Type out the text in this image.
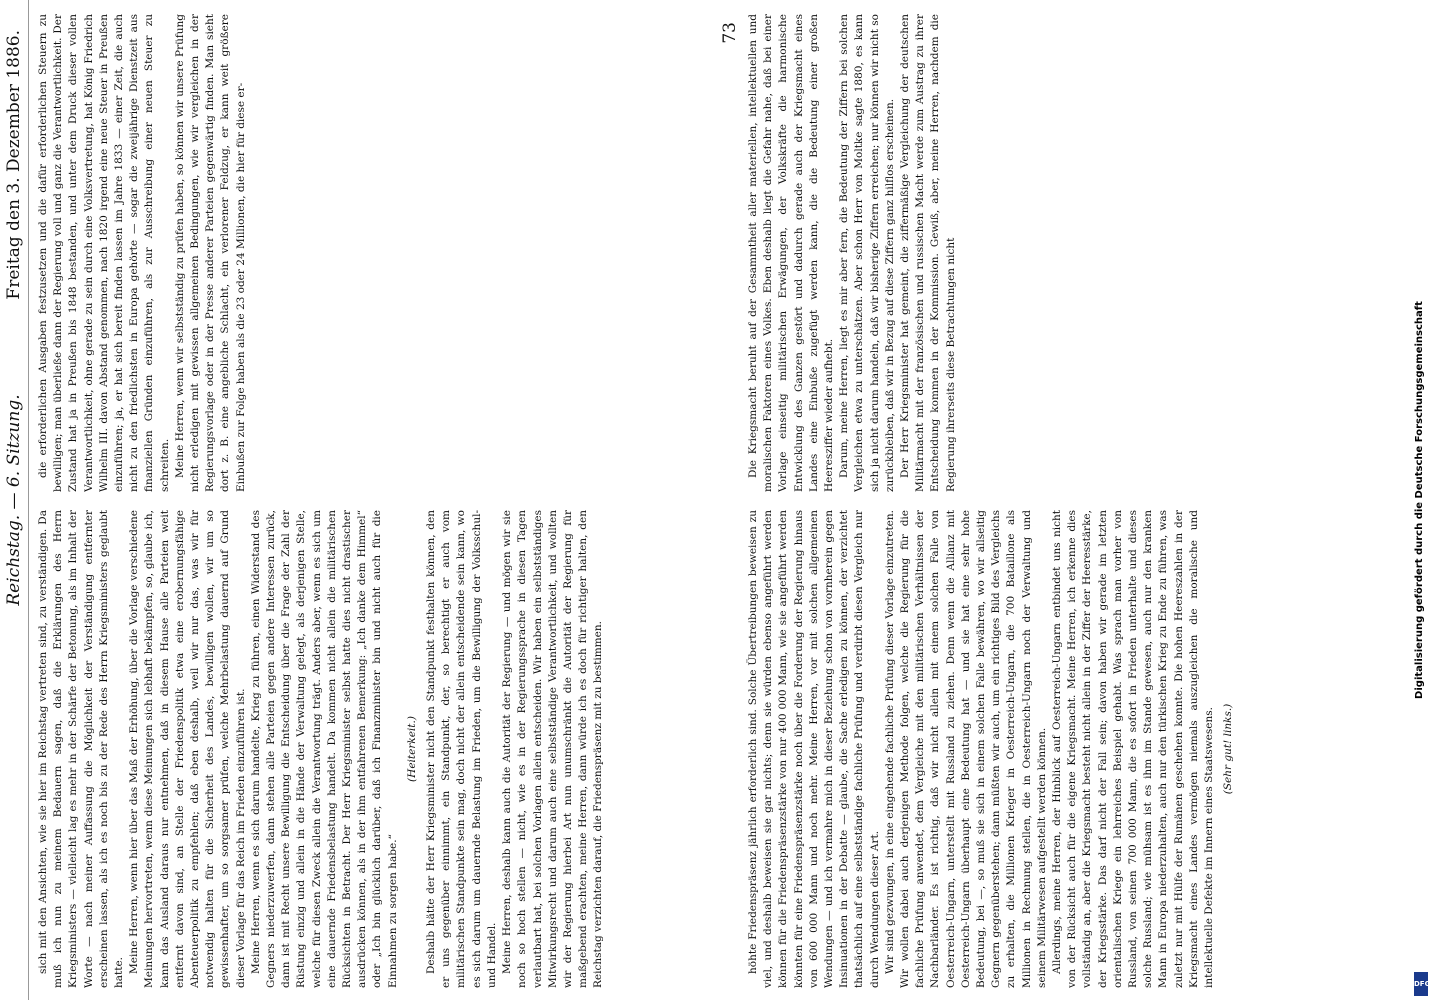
Reichstag. — 6. Sitzung.
Freitag den 3. Dezember 1886.

sich mit den Ansichten, wie sie hier im Reichstag vertreten sind, zu verständigen. Da muß ich nun zu meinem Bedauern sagen, daß die Erklärungen des Herrn Kriegsministers — vielleicht lag es mehr in der Schärfe der Betonung, als im Inhalt der Worte — nach meiner Auffassung die Möglichkeit der Verständigung entfernter erscheinen lassen, als ich es noch bis zu der Rede des Herrn Kriegsministers geglaubt hatte. Meine Herren, wenn hier über das Maß der Erhöhung, über die Vorlage verschiedene Meinungen hervortreten, wenn diese Meinungen sich lebhaft bekämpfen, so, glaube ich, kann das Ausland daraus nur entnehmen, daß in diesem Hause alle Parteien weit entfernt davon sind, an Stelle der Friedenspolitik etwa eine erobernungsfähige Abenteuerpolitik zu empfehlen; daß eben deshalb, weil wir nur das, was wir für notwendig halten für die Sicherheit des Landes, bewilligen wollen, wir um so gewissenhafter, um so sorgsamer prüfen, welche Mehrbelastung dauernd auf Grund dieser Vorlage für das Reich im Frieden einzuführen ist. Meine Herren, wenn es sich darum handelte, Krieg zu führen, einen Widerstand des Gegners niederzuwerfen, dann stehen alle Parteien gegen andere Interessen zurück, dann ist mit Recht unsere Bewilligung die Entscheidung über die Frage der Zahl der Rüstung einzig und allein in die Hände der Verwaltung gelegt, als derjenigen Stelle, welche für diesen Zweck allein die Verantwortung trägt. Anders aber, wenn es sich um eine dauernde Friedensbelastung handelt. Da kommen nicht allein die militärischen Rücksichten in Betracht. Der Herr Kriegsminister selbst hatte dies nicht drastischer ausdrücken können, als in der ihm entfahrenen Bemerkung: „Ich danke dem Himmel“ oder „Ich bin glücklich darüber, daß ich Finanzminister bin und nicht auch für die Einnahmen zu sorgen habe.“

(Heiterkeit.) Deshalb hätte der Herr Kriegsminister nicht den Standpunkt festhalten können, den er uns gegenüber einnimmt, ein Standpunkt, der, so berechtigt er auch vom militärischen Standpunkte sein mag, doch nicht der allein entscheidende sein kann, wo es sich darum um dauernde Belastung im Frieden, um die Bewilligung der Volksschul- und Handel. Meine Herren, deshalb kann auch die Autorität der Regierung — und mögen wir sie noch so hoch stellen — nicht, wie es in der Regierungssprache in diesen Tagen verlautbart hat, bei solchen Vorlagen allein entscheiden. Wir haben ein selbstständiges Mitwirkungsrecht und darum auch eine selbstständige Verantwortlichkeit, und wollten wir der Regierung hierbei Art nun unumschränkt die Autorität der Regierung für maßgebend erachten, meine Herren, dann würde ich es doch für richtiger halten, den Reichstag verzichten darauf, die Friedenspräsenz mit zu bestimmen.

die erforderlichen Ausgaben festzusetzen und die dafür erforderlichen Steuern zu bewilligen; man überließe dann der Regierung voll und ganz die Verantwortlichkeit. Der Zustand hat ja in Preußen bis 1848 bestanden, und unter dem Druck dieser vollen Verantwortlichkeit, ohne gerade zu sein durch eine Volksvertretung, hat König Friedrich Wilhelm III. davon Abstand genommen, nach 1820 irgend eine neue Steuer in Preußen einzuführen; ja, er hat sich bereit finden lassen im Jahre 1833 — einer Zeit, die auch nicht zu den friedlichsten in Europa gehörte — sogar die zweijährige Dienstzeit aus finanziellen Gründen einzuführen, als zur Ausschreibung einer neuen Steuer zu schreiten. Meine Herren, wenn wir selbstständig zu prüfen haben, so können wir unsere Prüfung nicht erledigen mit gewissen allgemeinen Bedingungen, wie wir vergleichen in der Regierungsvorlage oder in der Presse anderer Parteien gegenwärtig finden. Man sieht dort z. B. eine angebliche Schlacht, ein verlorener Feldzug, er kann weit größere Einbußen zur Folge haben als die 23 oder 24 Millionen, die hier für diese er-

73

höhte Friedenspräsenz jährlich erforderlich sind. Solche Übertreibungen beweisen zu viel, und deshalb beweisen sie gar nichts; denn sie würden ebenso angeführt werden können für die Friedenspräsenzstärke von nur 400 000 Mann, wie sie angeführt werden könnten für eine Friedenspräsenzstärke noch über die Forderung der Regierung hinaus von 600 000 Mann und noch mehr. Meine Herren, vor mit solchen allgemeinen Wendungen — und ich vermahre mich in dieser Beziehung schon von vornherein gegen Insinuationen in der Debatte — glaube, die Sache erledigen zu können, der verzichtet thatsächlich auf eine selbstständige fachliche Prüfung und verdirbt diesen Vergleich nur durch Wendungen dieser Art. Wir sind gezwungen, in eine eingehende fachliche Prüfung dieser Vorlage einzutreten. Wir wollen dabei auch derjenigen Methode folgen, welche die Regierung für die fachliche Prüfung anwendet, dem Vergleiche mit den militärischen Verhältnissen der Nachbarländer. Es ist richtig, daß wir nicht allein mit einem solchen Falle von Oesterreich-Ungarn, unterstellt mit Russland zu ziehen. Denn wenn die Allianz mit Oesterreich-Ungarn überhaupt eine Bedeutung hat — und sie hat eine sehr hohe Bedeutung, bei —, so muß sie sich in einem solchen Falle bewähren, wo wir allseitig Gegnern gegenüberstehen; dann müßten wir auch, um ein richtiges Bild des Vergleichs zu erhalten, die Millionen Krieger in Oesterreich-Ungarn, die 700 Bataillone als Millionen in Rechnung stellen, die in Oesterreich-Ungarn noch der Verwaltung und seinem Militärwesen aufgestellt werden können. Allerdings, meine Herren, der Hinblick auf Oesterreich-Ungarn entbindet uns nicht von der Rücksicht auch für die eigene Kriegsmacht. Meine Herren, ich erkenne dies vollständig an, aber die Kriegsmacht besteht nicht allein in der Ziffer der Heeresstärke, der Kriegsstärke. Das darf nicht der Fall sein; davon haben wir gerade im letzten orientalischen Kriege ein lehrreiches Beispiel gehabt. Was sprach man vorher von Russland, von seinen 700 000 Mann, die es sofort in Frieden unterhalte und dieses solche Russland; wie mühsam ist es ihm im Stande gewesen, auch nur den kranken Mann in Europa niederzuhalten, auch nur den türkischen Krieg zu Ende zu führen, was zuletzt nur mit Hülfe der Rumänen geschehen konnte. Die hohen Heereszahlen in der Kriegsmacht eines Landes vermögen niemals auszugleichen die moralische und intellektuelle Defekte im Innern eines Staatswesens. (Sehr gut! links.)

Die Kriegsmacht beruht auf der Gesammtheit aller materiellen, intellektuellen und moralischen Faktoren eines Volkes. Eben deshalb liegt die Gefahr nahe, daß bei einer Vorlage einseitig militärischen Erwägungen, der Volkskräfte die harmonische Entwicklung des Ganzen gestört und dadurch gerade auch der Kriegsmacht eines Landes eine Einbuße zugefügt werden kann, die die Bedeutung einer großen Heeresziffer wieder aufhebt. Darum, meine Herren, liegt es mir aber fern, die Bedeutung der Ziffern bei solchen Vergleichen etwa zu unterschätzen. Aber schon Herr von Moltke sagte 1880, es kann sich ja nicht darum handeln, daß wir bisherige Ziffern erreichen; nur können wir nicht so zurückbleiben, daß wir in Bezug auf diese Ziffern ganz hilflos erscheinen. Der Herr Kriegsminister hat gemeint, die ziffermäßige Vergleichung der deutschen Militärmacht mit der französischen und russischen Macht werde zum Austrag zu ihrer Entscheidung kommen in der Kommission. Gewiß, aber, meine Herren, nachdem die Regierung ihrerseits diese Betrachtungen nicht	Digitalisierung gefördert durch die Deutsche Forschungsgemeinschaft
DFG
